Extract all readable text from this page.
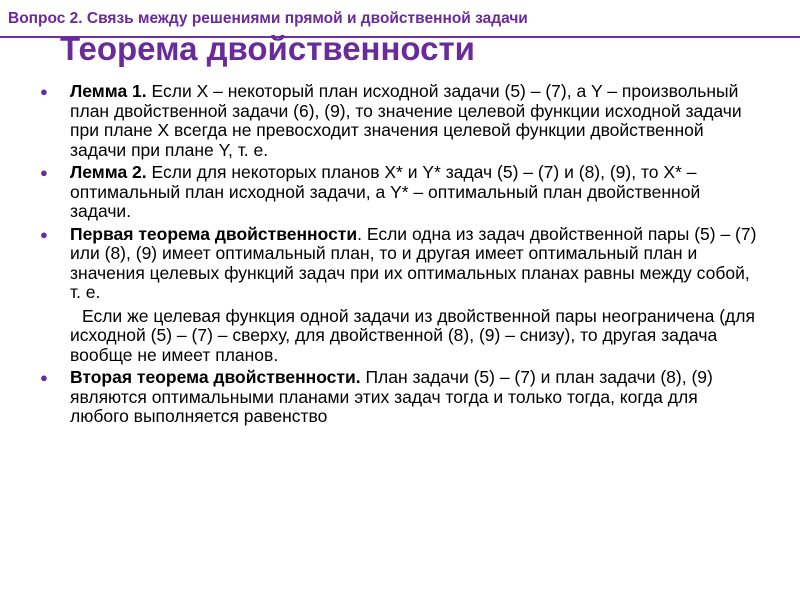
Вопрос 2. Связь между решениями прямой и двойственной задачи
Теорема двойственности
● Лемма 1. Если X – некоторый план исходной задачи (5) – (7), а Y – произвольный план двойственной задачи (6), (9), то значение целевой функции исходной задачи при плане X всегда не превосходит значения целевой функции двойственной задачи при плане Y, т. е.
● Лемма 2. Если для некоторых планов X* и Y* задач (5) – (7) и (8), (9), то X* – оптимальный план исходной задачи, а Y* – оптимальный план двойственной задачи.
● Первая теорема двойственности. Если одна из задач двойственной пары (5) – (7) или (8), (9) имеет оптимальный план, то и другая имеет оптимальный план и значения целевых функций задач при их оптимальных планах равны между собой, т. е.
Если же целевая функция одной задачи из двойственной пары неограничена (для исходной (5) – (7) – сверху, для двойственной (8), (9) – снизу), то другая задача вообще не имеет планов.
● Вторая теорема двойственности. План задачи (5) – (7) и план задачи (8), (9) являются оптимальными планами этих задач тогда и только тогда, когда для любого выполняется равенство
